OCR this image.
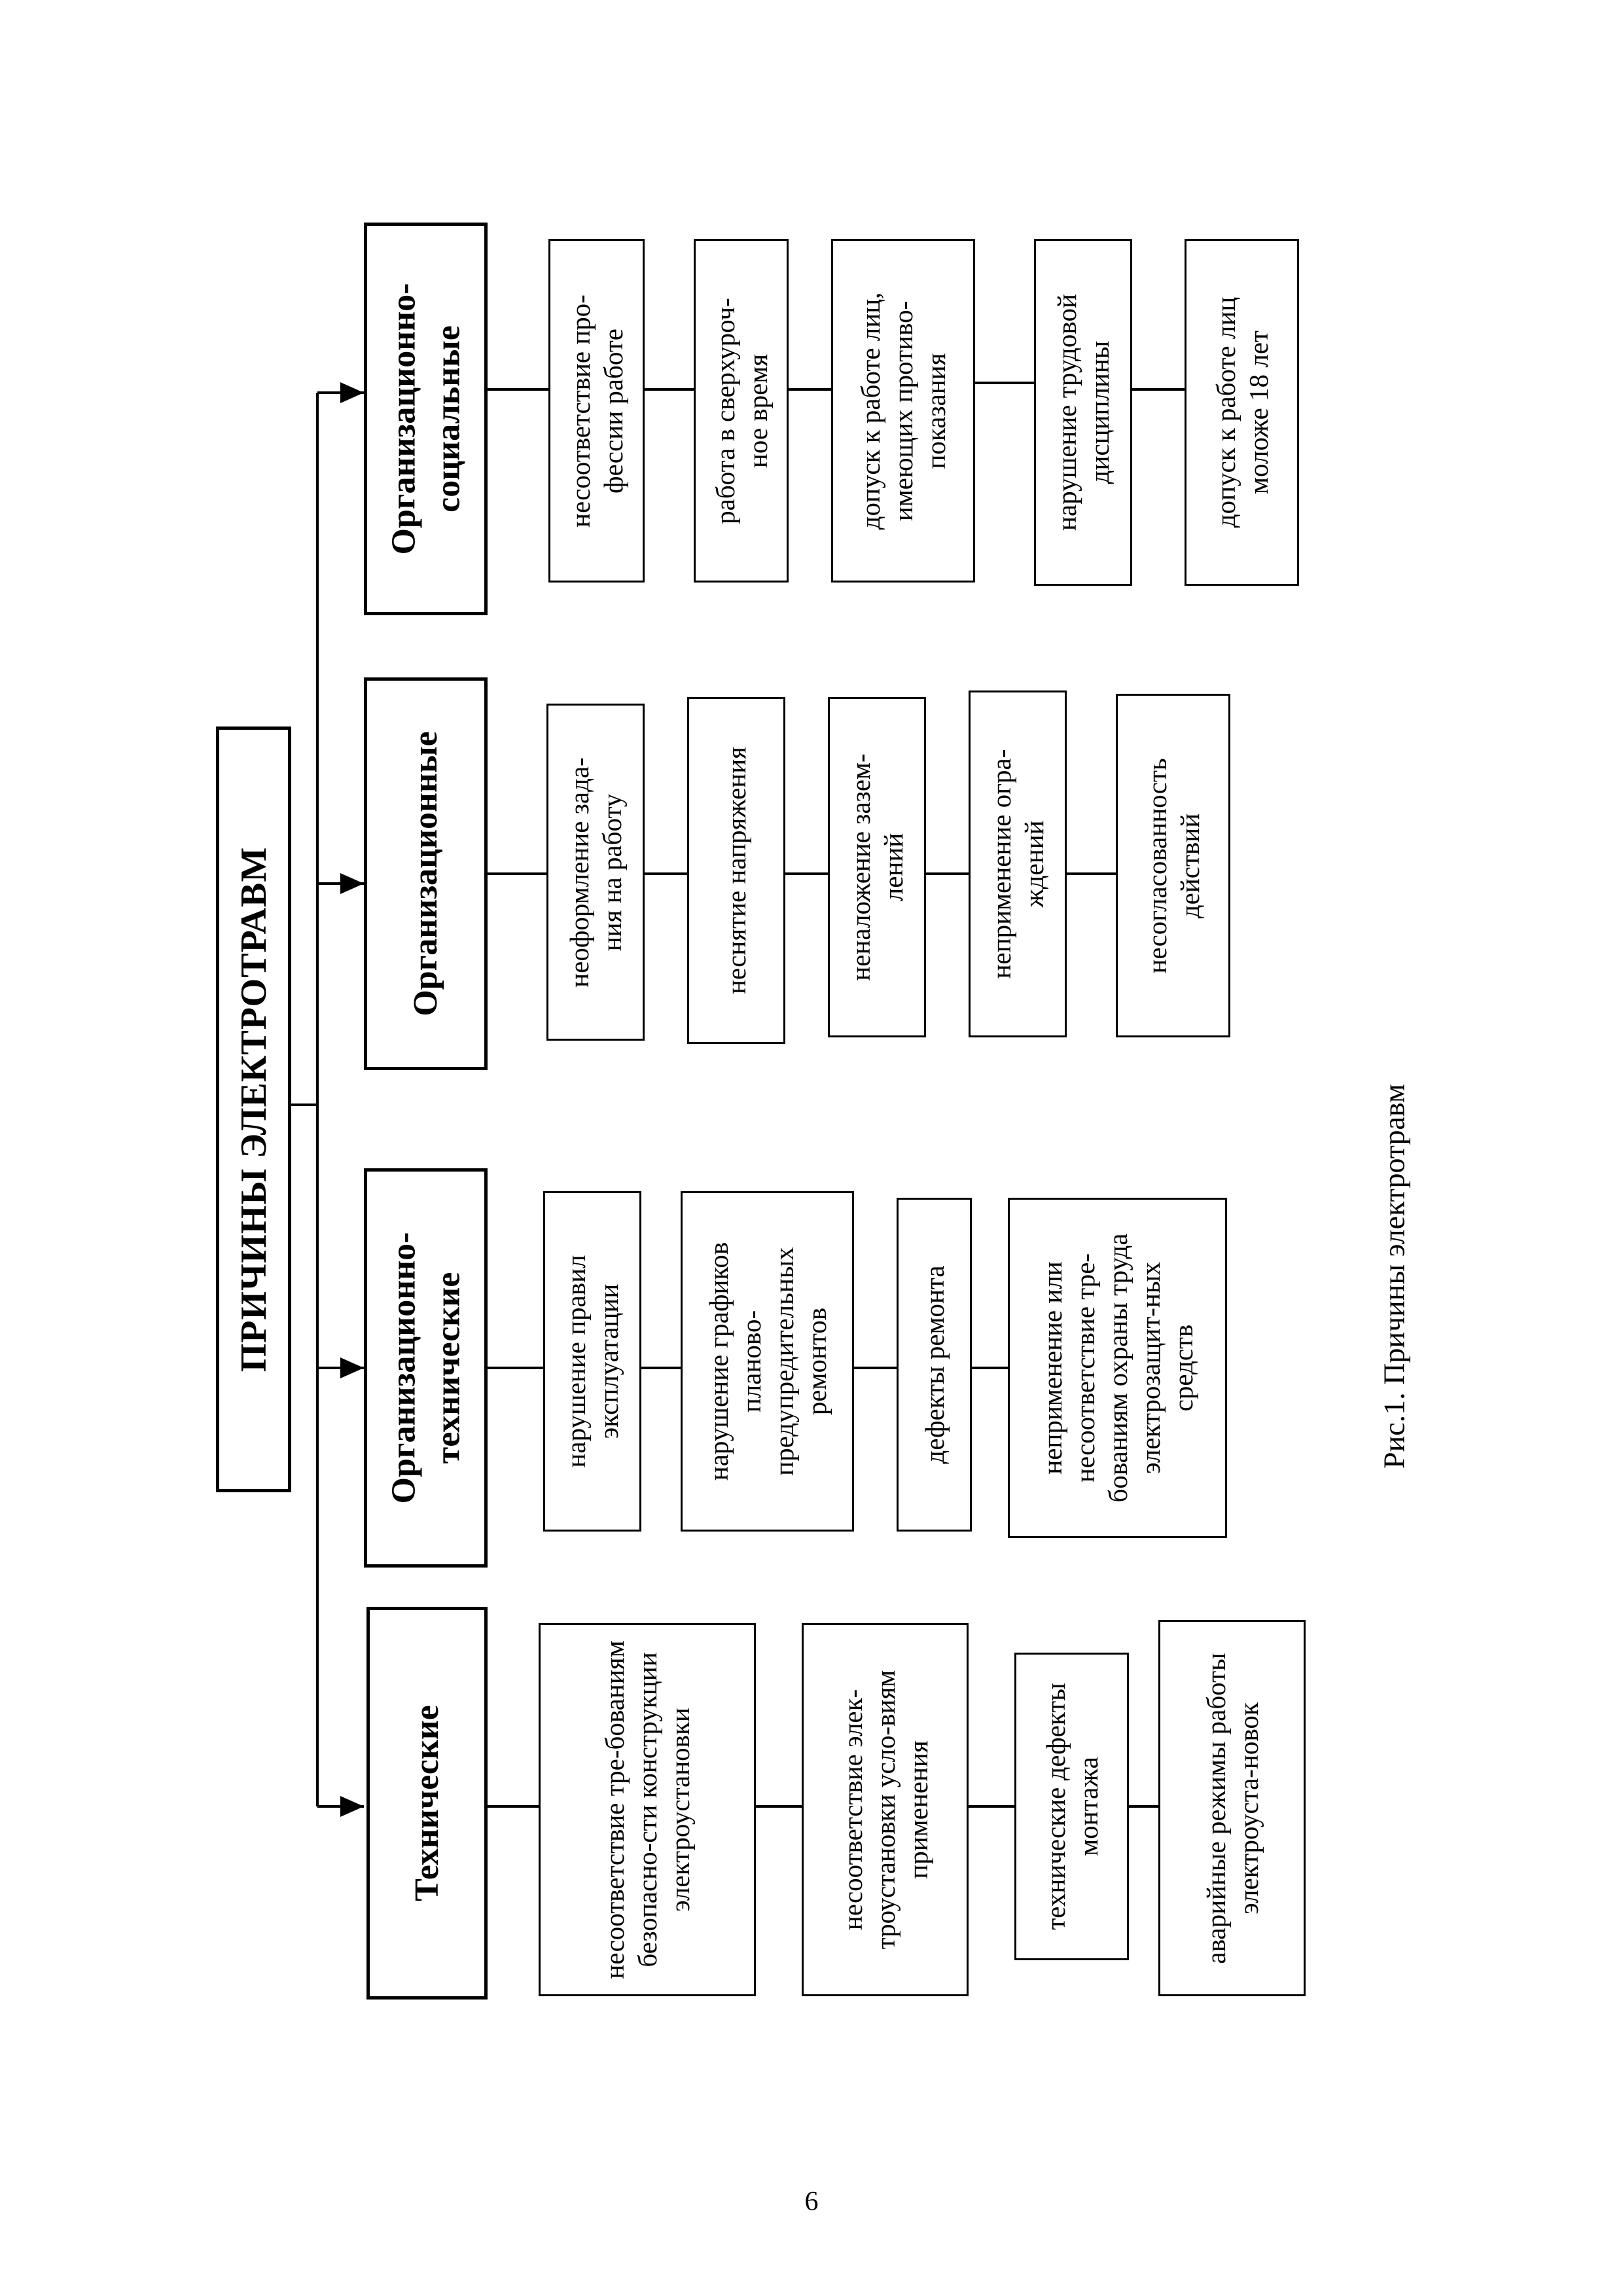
ПРИЧИНЫ ЭЛЕКТРОТРАВМ
Технические	несоответствие тре-бованиям безопасно-сти конструкции электроустановки	несоответствие элек-троустановки усло-виям применения	технические дефекты монтажа	аварийные режимы работы электроуста-новок
Организационно-технические	нарушение правил эксплуатации	нарушение графиков планово-предупредительных ремонтов	дефекты ремонта	неприменение или несоответствие тре-бованиям охраны труда электрозащит-ных средств
Организационные	неоформление зада-ния на работу	неснятие напряжения	неналожение зазем-лений	неприменение огра-ждений	несогласованность действий
Организационно-социальные	несоответствие про-фессии работе	работа в сверхуроч-ное время	допуск к работе лиц, имеющих противо-показания	нарушение трудовой дисциплины	допуск к работе лиц моложе 18 лет
Рис.1. Причины электротравм
6
